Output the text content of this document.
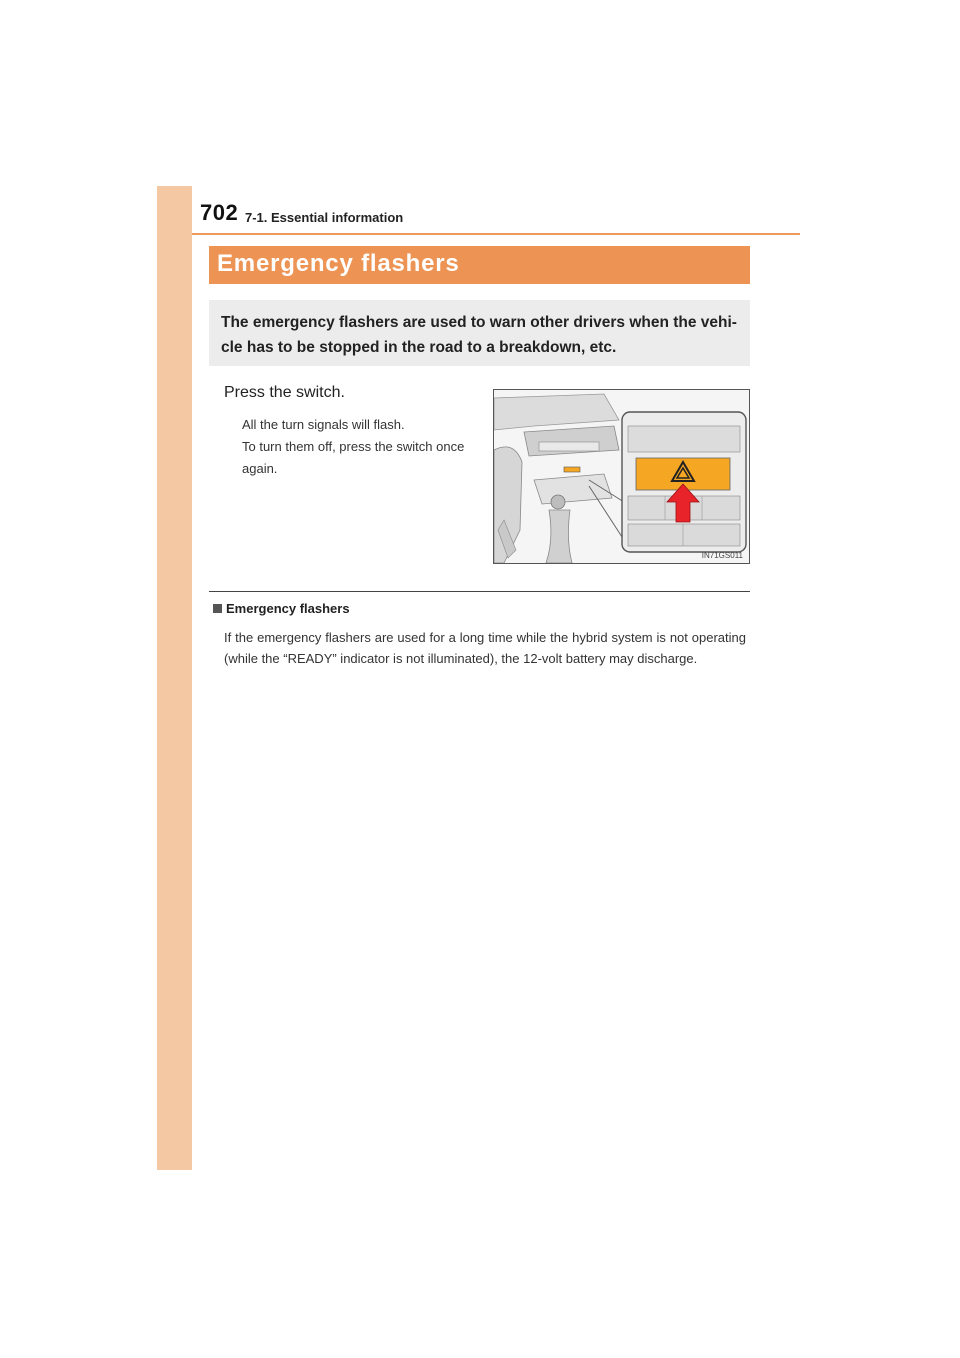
702 7-1. Essential information
Emergency flashers
The emergency flashers are used to warn other drivers when the vehi-cle has to be stopped in the road to a breakdown, etc.
Press the switch.
All the turn signals will flash.
To turn them off, press the switch once again.
IN71GS011
Emergency flashers
If the emergency flashers are used for a long time while the hybrid system is not operating (while the “READY” indicator is not illuminated), the 12-volt battery may discharge.
